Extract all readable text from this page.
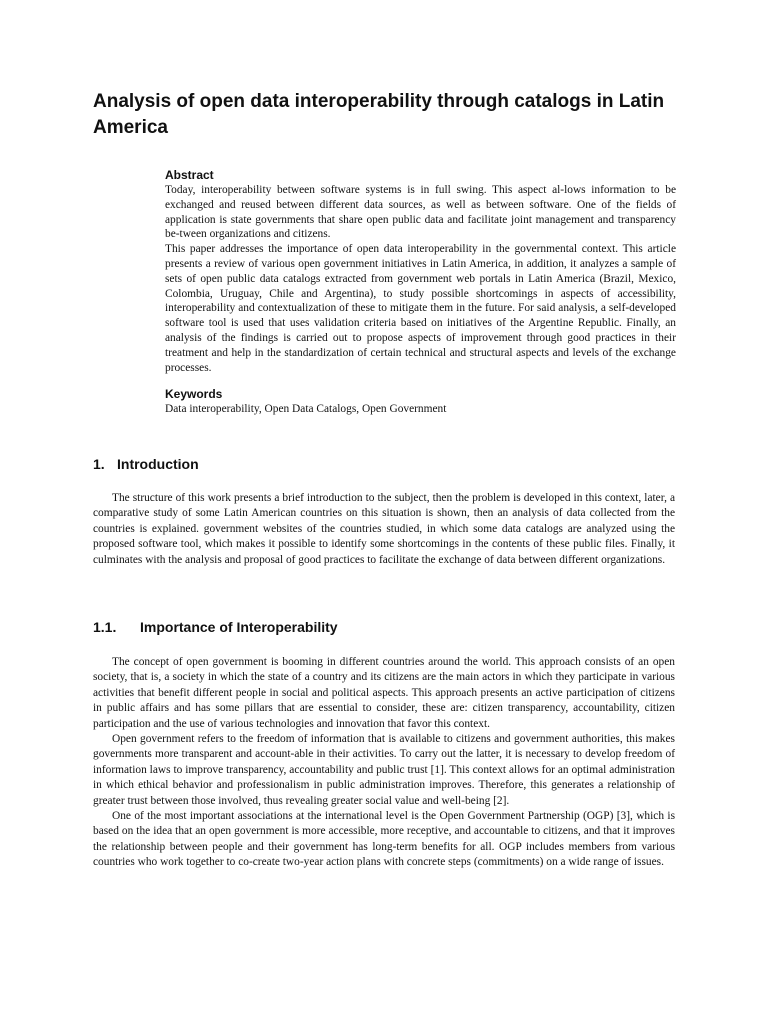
Analysis of open data interoperability through catalogs in Latin America
Abstract

Today, interoperability between software systems is in full swing. This aspect al-lows information to be exchanged and reused between different data sources, as well as between software. One of the fields of application is state governments that share open public data and facilitate joint management and transparency be-tween organizations and citizens.

This paper addresses the importance of open data interoperability in the governmental context. This article presents a review of various open government initiatives in Latin America, in addition, it analyzes a sample of sets of open public data catalogs extracted from government web portals in Latin America (Brazil, Mexico, Colombia, Uruguay, Chile and Argentina), to study possible shortcomings in aspects of accessibility, interoperability and contextualization of these to mitigate them in the future. For said analysis, a self-developed software tool is used that uses validation criteria based on initiatives of the Argentine Republic. Finally, an analysis of the findings is carried out to propose aspects of improvement through good practices in their treatment and help in the standardization of certain technical and structural aspects and levels of the exchange processes.

Keywords

Data interoperability, Open Data Catalogs, Open Government

1. Introduction

The structure of this work presents a brief introduction to the subject, then the problem is developed in this context, later, a comparative study of some Latin American countries on this situation is shown, then an analysis of data collected from the countries is explained. government websites of the countries studied, in which some data catalogs are analyzed using the proposed software tool, which makes it possible to identify some shortcomings in the contents of these public files. Finally, it culminates with the analysis and proposal of good practices to facilitate the exchange of data between different organizations.

1.1. Importance of Interoperability

The concept of open government is booming in different countries around the world. This approach consists of an open society, that is, a society in which the state of a country and its citizens are the main actors in which they participate in various activities that benefit different people in social and political aspects. This approach presents an active participation of citizens in public affairs and has some pillars that are essential to consider, these are: citizen transparency, accountability, citizen participation and the use of various technologies and innovation that favor this context.

Open government refers to the freedom of information that is available to citizens and government authorities, this makes governments more transparent and account-able in their activities. To carry out the latter, it is necessary to develop freedom of information laws to improve transparency, accountability and public trust [1]. This context allows for an optimal administration in which ethical behavior and professionalism in public administration improves. Therefore, this generates a relationship of greater trust between those involved, thus revealing greater social value and well-being [2].

One of the most important associations at the international level is the Open Government Partnership (OGP) [3], which is based on the idea that an open government is more accessible, more receptive, and accountable to citizens, and that it improves the relationship between people and their government has long-term benefits for all. OGP includes members from various countries who work together to co-create two-year action plans with concrete steps (commitments) on a wide range of issues.
